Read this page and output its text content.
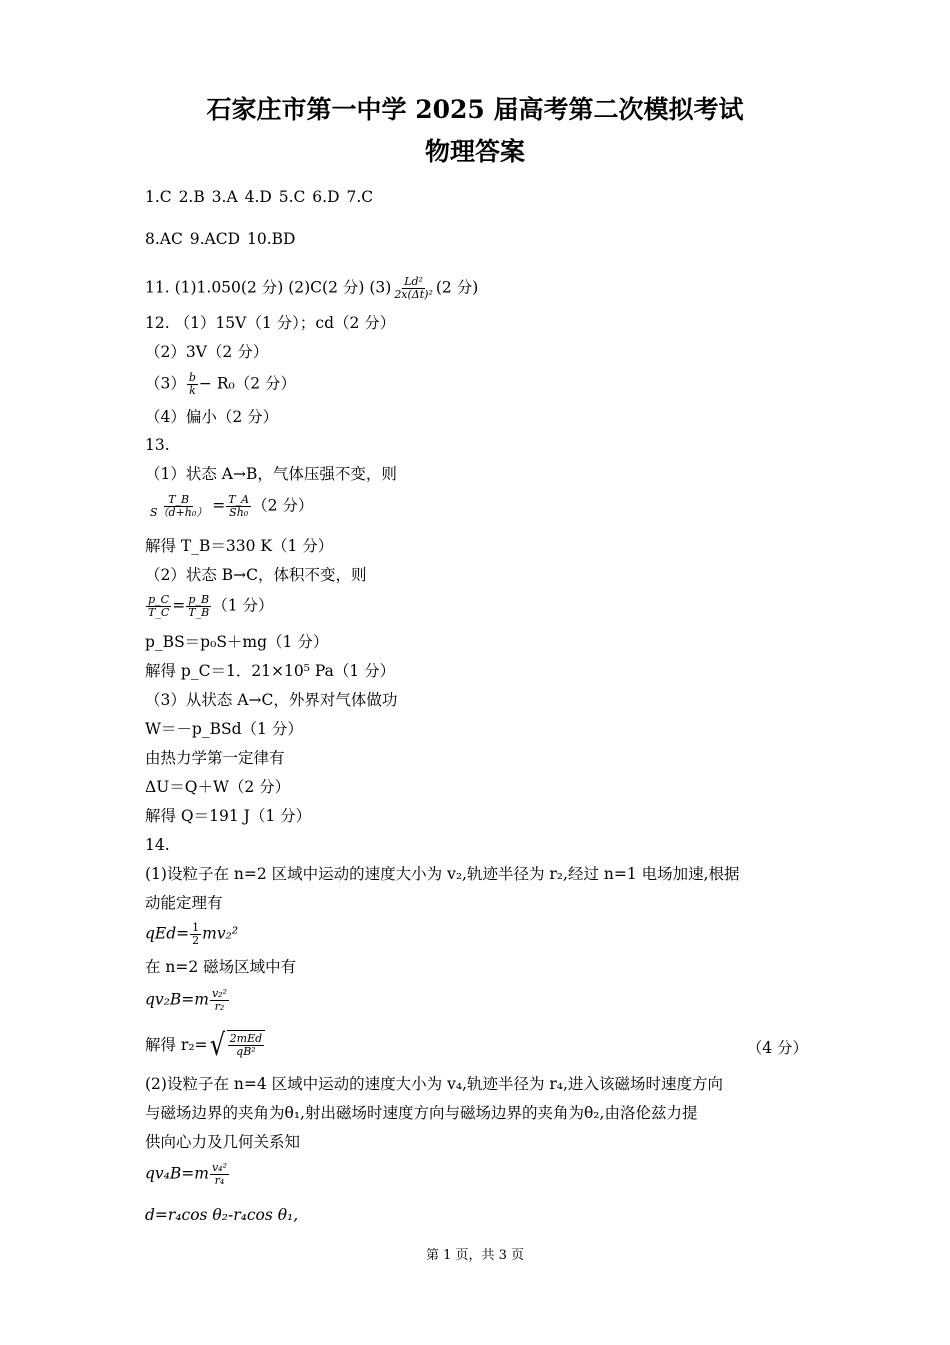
石家庄市第一中学 2025 届高考第二次模拟考试
物理答案
1.C 2.B 3.A 4.D 5.C 6.D 7.C
8.AC 9.ACD 10.BD
11. (1)1.050(2 分) (2)C(2 分) $(3) \frac{\text{Ld²}}{\text{2x(Δt)²}} (2$ 分)
12. （1）15V（1 分）；cd（2 分）
（2）3V（2 分）
$(3) \frac{b}{k} - R_0(2$ 分）
（4）偏小（2 分）
13.
（1）状态 A→B，气体压强不变，则
$\frac{T\_B}{\text{S（d+h₀）}} = \frac{T\_A}{\text{Sh₀}} (2$ 分）
解得 T_B＝330 K（1 分）
（2）状态 B→C，体积不变，则
$\frac{p\_C}{T\_C} = \frac{p\_B}{T\_B} (1$ 分）
p_BS＝p₀S＋mg（1 分）
解得 p_C＝1．21×10⁵ Pa（1 分）
（3）从状态 A→C，外界对气体做功
W＝－p_BSd（1 分）
由热力学第一定律有
ΔU＝Q＋W（2 分）
解得 Q＝191 J（1 分）
14.
(1)设粒子在 n=2 区域中运动的速度大小为 v₂,轨迹半径为 r₂,经过 n=1 电场加速,根据
动能定理有
$qEd= \frac{1}{2} mv_2^2$
在 n=2 磁场区域中有
$qv_2B=m \frac{\text{v₂²}}{\text{r₂}}$
解得 r₂= √ $\frac{\text{2mEd}}{\text{qB²}}$	（4 分）
(2)设粒子在 n=4 区域中运动的速度大小为 v₄,轨迹半径为 r₄,进入该磁场时速度方向
与磁场边界的夹角为θ₁,射出磁场时速度方向与磁场边界的夹角为θ₂,由洛伦兹力提
供向心力及几何关系知
$qv_4B=m \frac{\text{v₄²}}{\text{r₄}}$
d=r₄cos θ₂-r₄cos θ₁,
第 1 页，共 3 页
